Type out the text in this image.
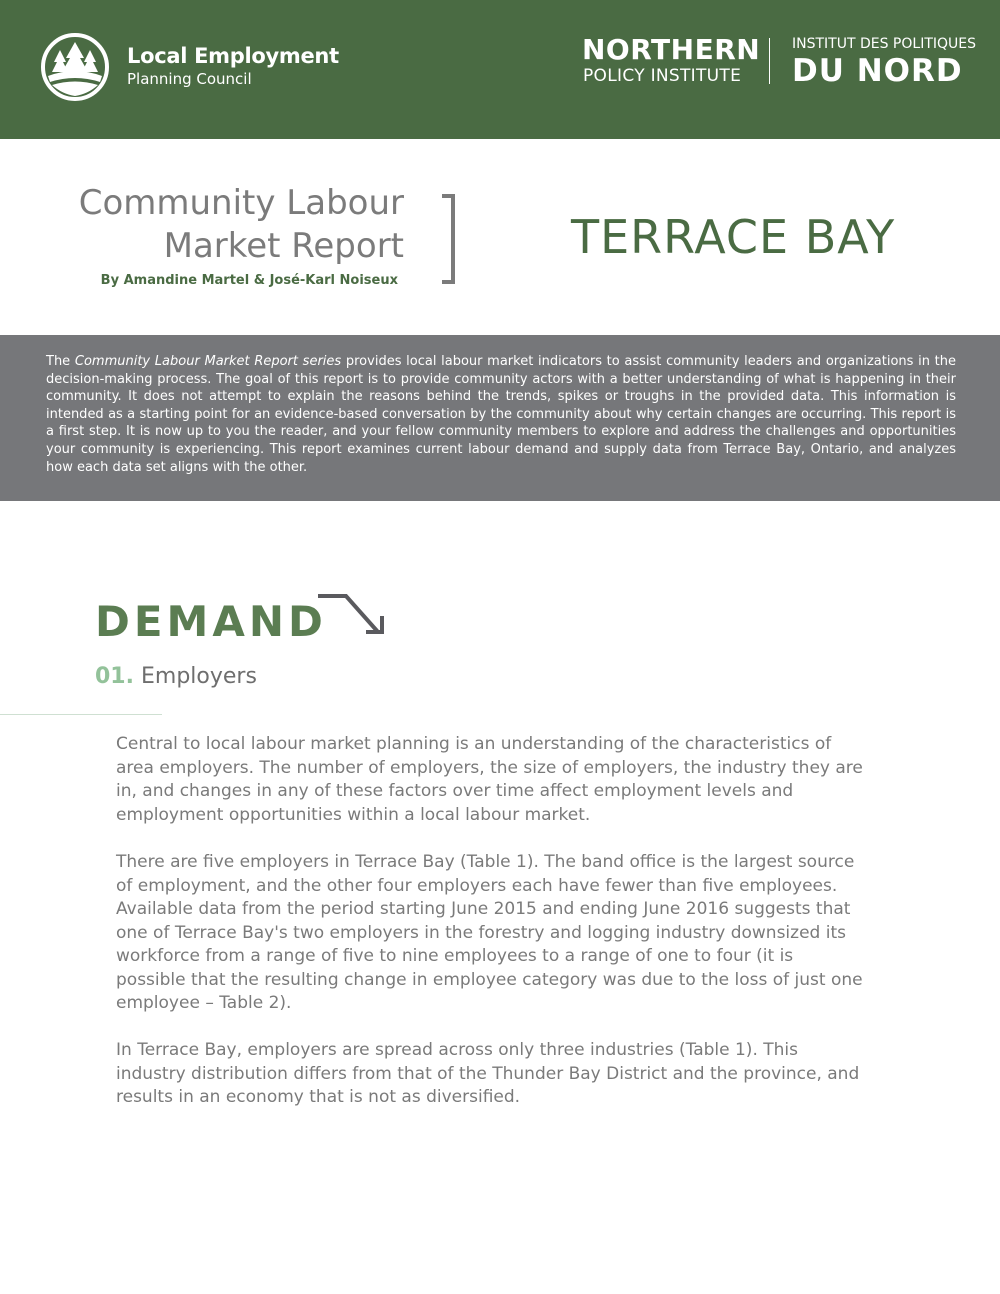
Local Employment
Planning Council
NORTHERN
POLICY INSTITUTE
INSTITUT DES POLITIQUES
DU NORD
Community Labour
Market Report
By Amandine Martel & José-Karl Noiseux
TERRACE BAY

The Community Labour Market Report series provides local labour market indicators to assist community leaders and organizations in the decision-making process. The goal of this report is to provide community actors with a better understanding of what is happening in their community. It does not attempt to explain the reasons behind the trends, spikes or troughs in the provided data. This information is intended as a starting point for an evidence-based conversation by the community about why certain changes are occurring. This report is a first step. It is now up to you the reader, and your fellow community members to explore and address the challenges and opportunities your community is experiencing. This report examines current labour demand and supply data from Terrace Bay, Ontario, and analyzes how each data set aligns with the other.

DEMAND
01. Employers

Central to local labour market planning is an understanding of the characteristics of area employers. The number of employers, the size of employers, the industry they are in, and changes in any of these factors over time affect employment levels and employment opportunities within a local labour market.

There are five employers in Terrace Bay (Table 1). The band office is the largest source of employment, and the other four employers each have fewer than five employees. Available data from the period starting June 2015 and ending June 2016 suggests that one of Terrace Bay's two employers in the forestry and logging industry downsized its workforce from a range of five to nine employees to a range of one to four (it is possible that the resulting change in employee category was due to the loss of just one employee – Table 2).

In Terrace Bay, employers are spread across only three industries (Table 1). This industry distribution differs from that of the Thunder Bay District and the province, and results in an economy that is not as diversified.
